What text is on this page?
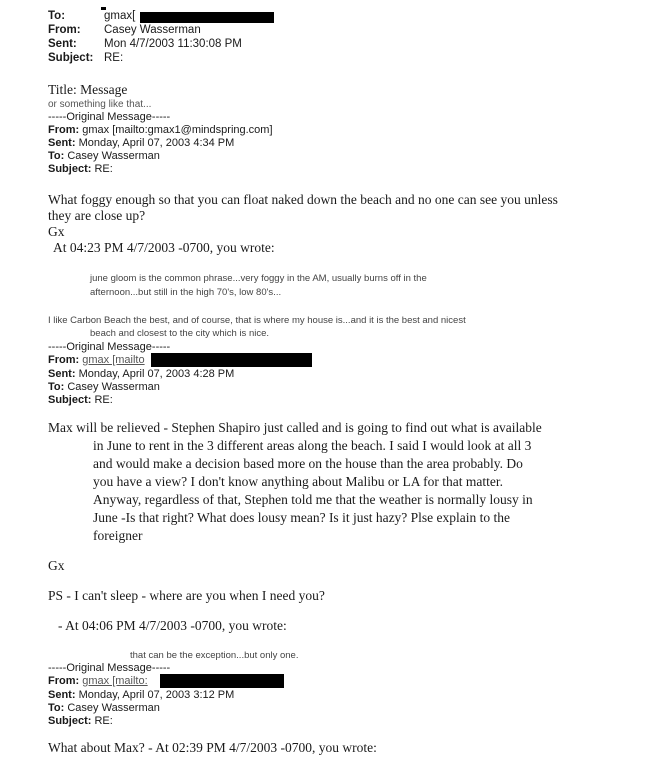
To:	gmax[
From: Casey Wasserman
Sent: Mon 4/7/2003 11:30:08 PM
Subject: RE:
Title: Message
or something like that...
-----Original Message-----
From: gmax [mailto:gmax1@mindspring.com]
Sent: Monday, April 07, 2003 4:34 PM
To: Casey Wasserman
Subject: RE:
What foggy enough so that you can float naked down the beach and no one can see you unless
they are close up?
Gx
At 04:23 PM 4/7/2003 -0700, you wrote:
june gloom is the common phrase...very foggy in the AM, usually burns off in the
afternoon...but still in the high 70's, low 80's...
I like Carbon Beach the best, and of course, that is where my house is...and it is the best and nicest
beach and closest to the city which is nice.
-----Original Message-----
From: gmax [mailto
Sent: Monday, April 07, 2003 4:28 PM
To: Casey Wasserman
Subject: RE:
Max will be relieved - Stephen Shapiro just called and is going to find out what is available
in June to rent in the 3 different areas along the beach. I said I would look at all 3
and would make a decision based more on the house than the area probably. Do
you have a view? I don't know anything about Malibu or LA for that matter.
Anyway, regardless of that, Stephen told me that the weather is normally lousy in
June -Is that right? What does lousy mean? Is it just hazy? Plse explain to the
foreigner
Gx
PS - I can't sleep - where are you when I need you?
- At 04:06 PM 4/7/2003 -0700, you wrote:
that can be the exception...but only one.
-----Original Message-----
From: gmax [mailto:
Sent: Monday, April 07, 2003 3:12 PM
To: Casey Wasserman
Subject: RE:
What about Max? - At 02:39 PM 4/7/2003 -0700, you wrote:
